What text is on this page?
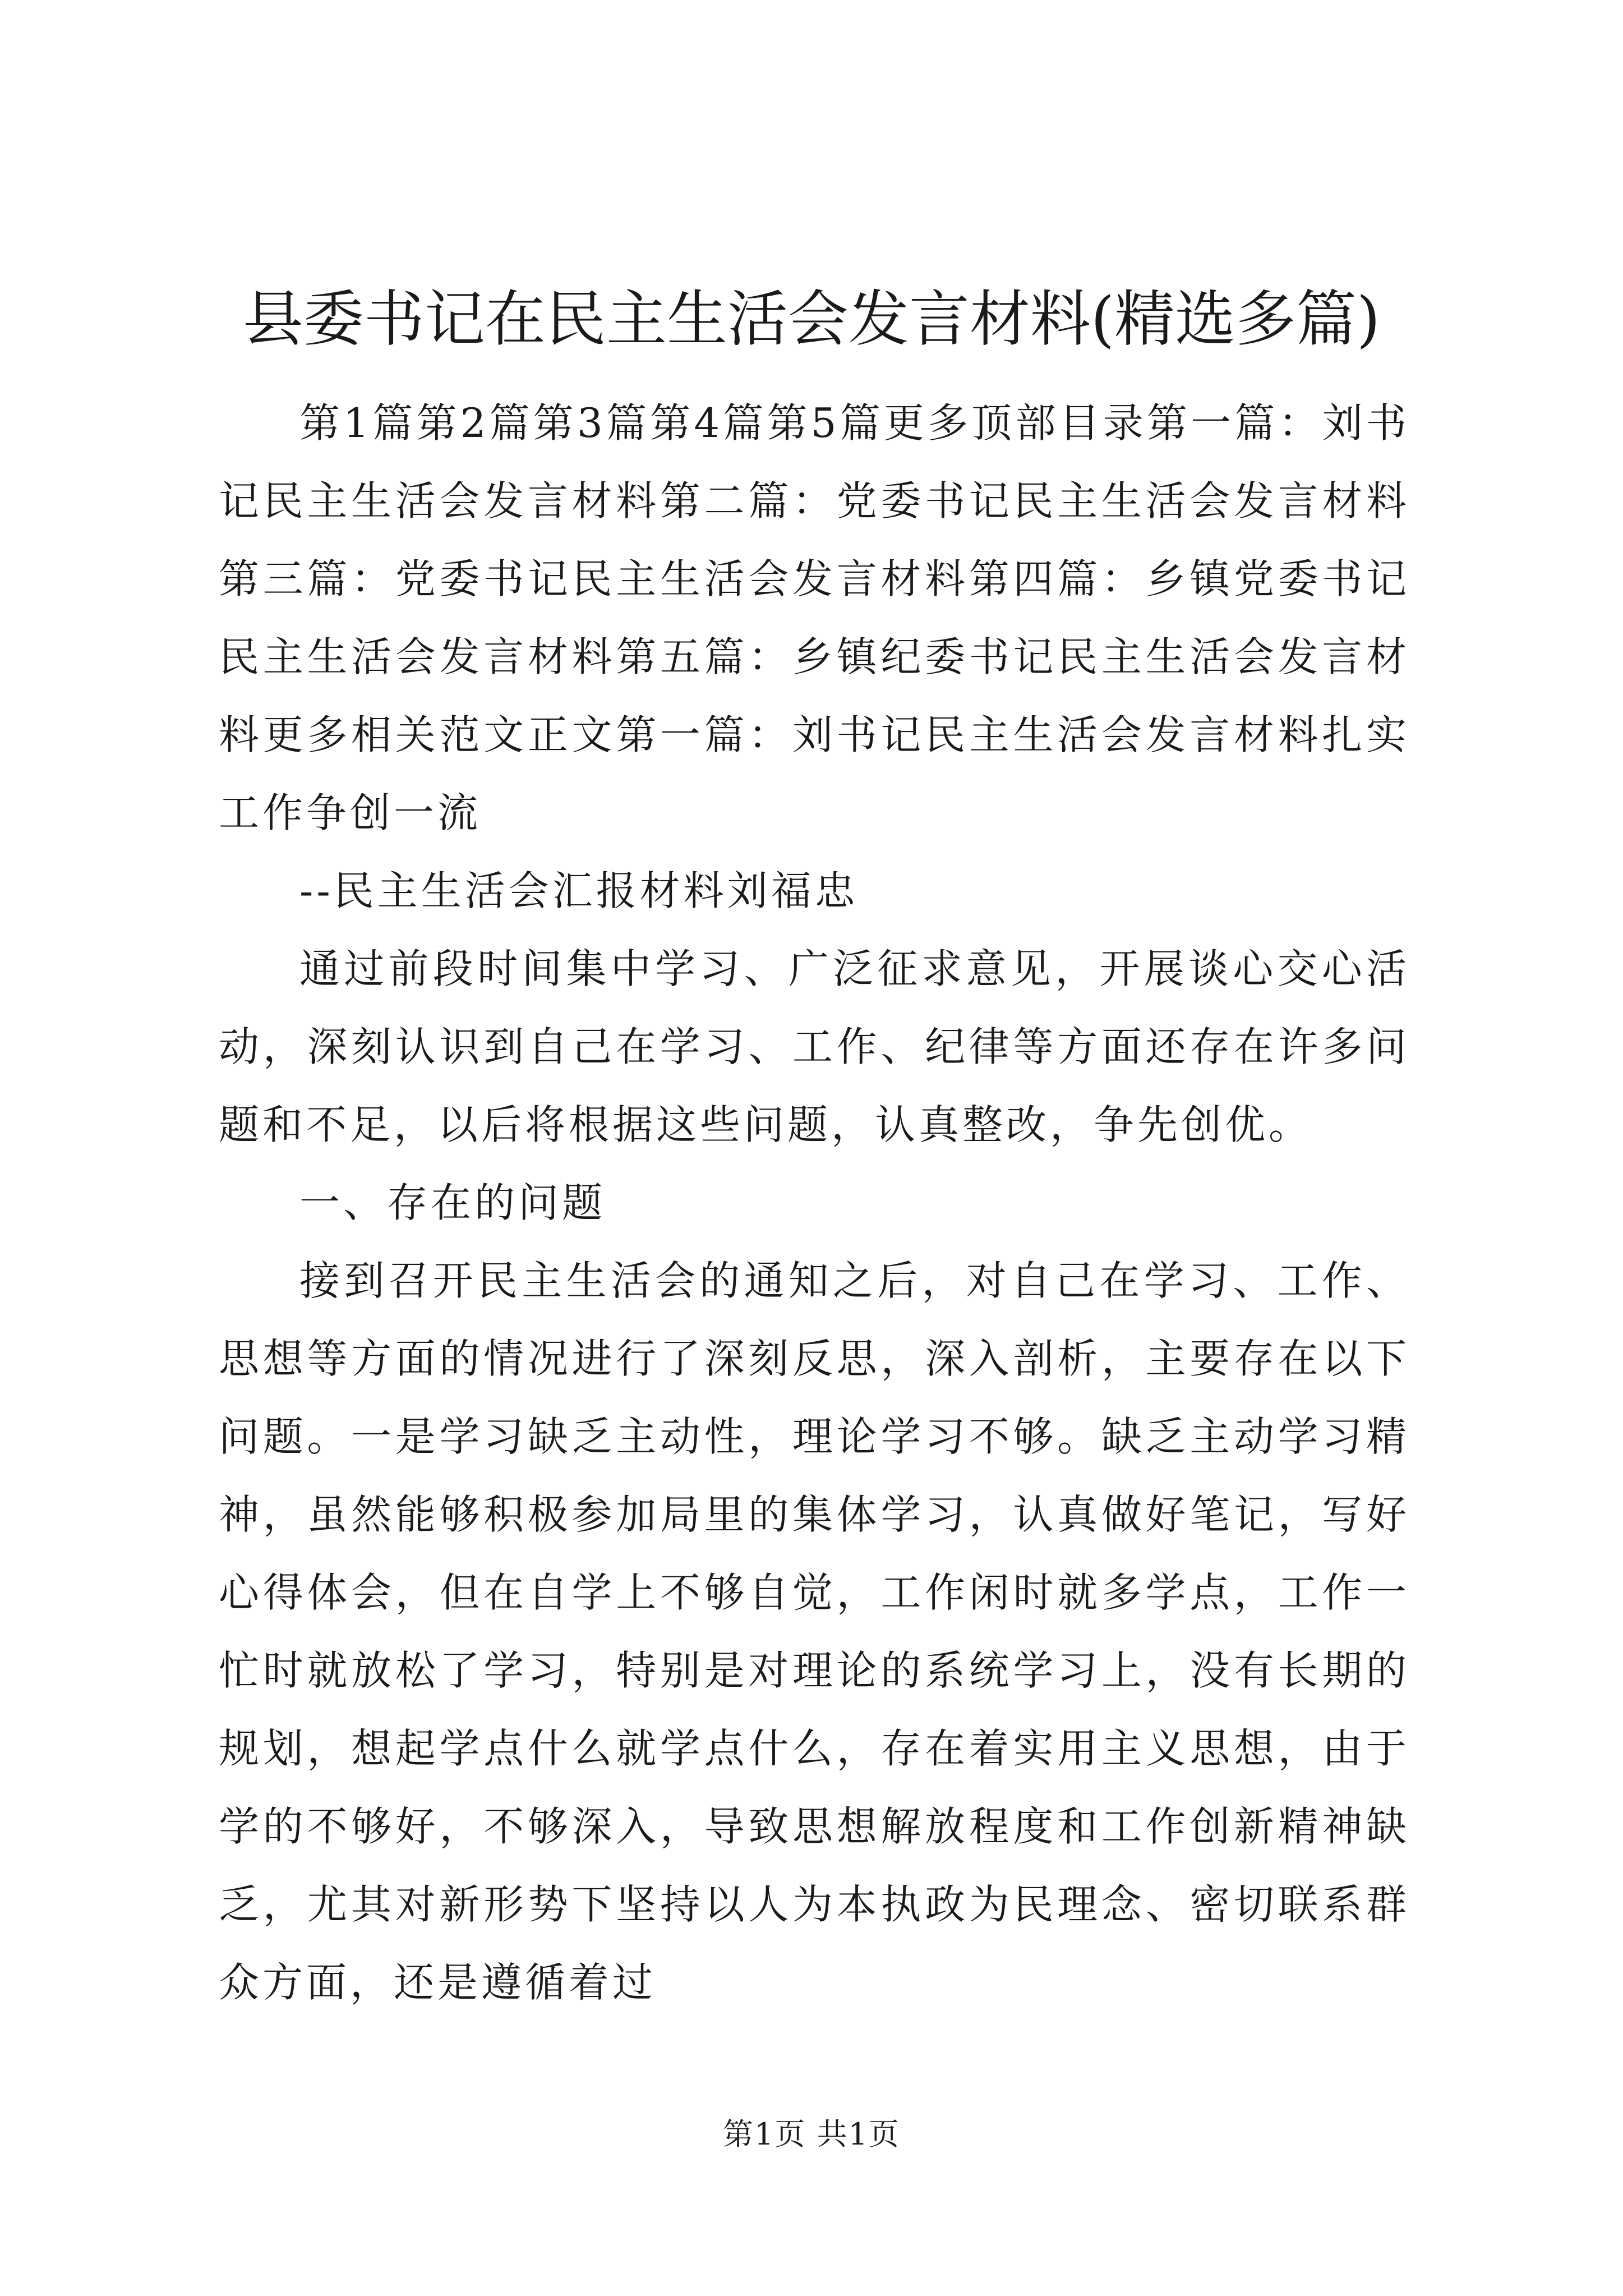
县委书记在民主生活会发言材料(精选多篇)

第1篇第2篇第3篇第4篇第5篇更多顶部目录第一篇：刘书记民主生活会发言材料第二篇：党委书记民主生活会发言材料第三篇：党委书记民主生活会发言材料第四篇：乡镇党委书记民主生活会发言材料第五篇：乡镇纪委书记民主生活会发言材料更多相关范文正文第一篇：刘书记民主生活会发言材料扎实工作争创一流

--民主生活会汇报材料刘福忠

通过前段时间集中学习、广泛征求意见，开展谈心交心活动，深刻认识到自己在学习、工作、纪律等方面还存在许多问题和不足，以后将根据这些问题，认真整改，争先创优。

一、存在的问题

接到召开民主生活会的通知之后，对自己在学习、工作、思想等方面的情况进行了深刻反思，深入剖析，主要存在以下问题。一是学习缺乏主动性，理论学习不够。缺乏主动学习精神，虽然能够积极参加局里的集体学习，认真做好笔记，写好心得体会，但在自学上不够自觉，工作闲时就多学点，工作一忙时就放松了学习，特别是对理论的系统学习上，没有长期的规划，想起学点什么就学点什么，存在着实用主义思想，由于学的不够好，不够深入，导致思想解放程度和工作创新精神缺乏，尤其对新形势下坚持以人为本执政为民理念、密切联系群众方面，还是遵循着过

第1页 共1页
